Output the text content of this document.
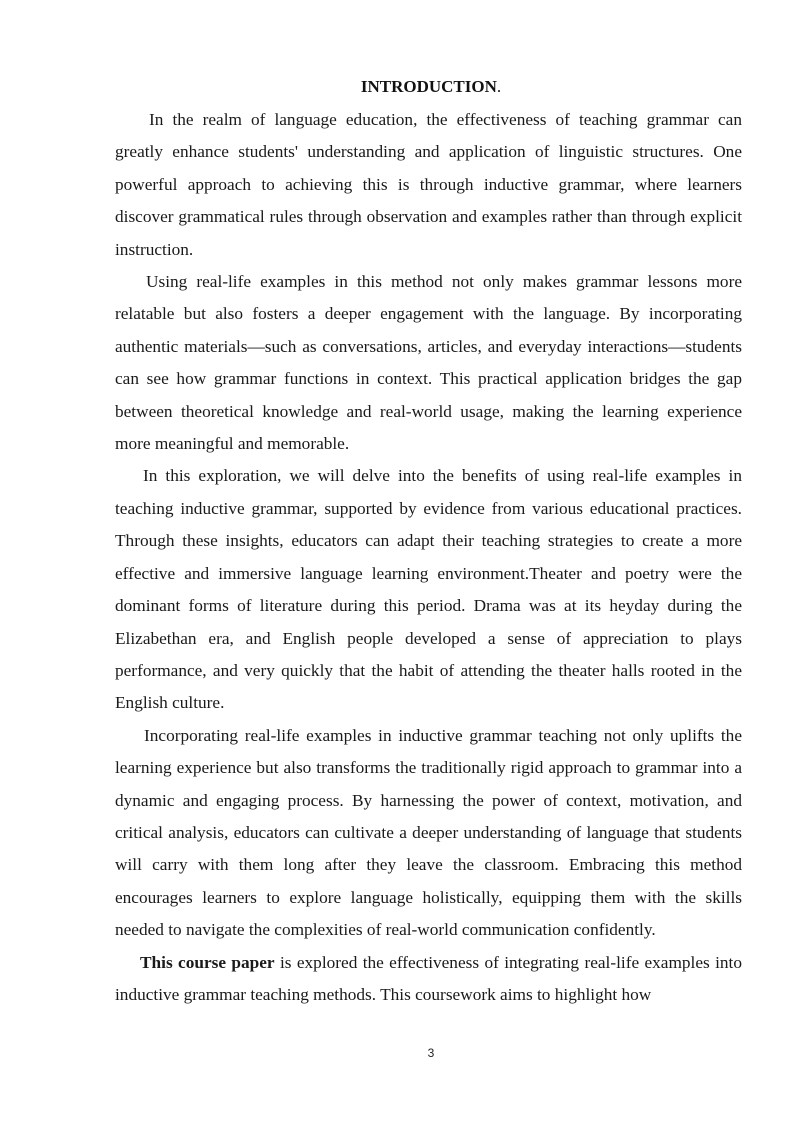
INTRODUCTION.

In the realm of language education, the effectiveness of teaching grammar can greatly enhance students' understanding and application of linguistic structures. One powerful approach to achieving this is through inductive grammar, where learners discover grammatical rules through observation and examples rather than through explicit instruction.

Using real-life examples in this method not only makes grammar lessons more relatable but also fosters a deeper engagement with the language. By incorporating authentic materials—such as conversations, articles, and everyday interactions—students can see how grammar functions in context. This practical application bridges the gap between theoretical knowledge and real-world usage, making the learning experience more meaningful and memorable.

In this exploration, we will delve into the benefits of using real-life examples in teaching inductive grammar, supported by evidence from various educational practices. Through these insights, educators can adapt their teaching strategies to create a more effective and immersive language learning environment.Theater and poetry were the dominant forms of literature during this period. Drama was at its heyday during the Elizabethan era, and English people developed a sense of appreciation to plays performance, and very quickly that the habit of attending the theater halls rooted in the English culture.

Incorporating real-life examples in inductive grammar teaching not only uplifts the learning experience but also transforms the traditionally rigid approach to grammar into a dynamic and engaging process. By harnessing the power of context, motivation, and critical analysis, educators can cultivate a deeper understanding of language that students will carry with them long after they leave the classroom. Embracing this method encourages learners to explore language holistically, equipping them with the skills needed to navigate the complexities of real-world communication confidently.

This course paper is explored the effectiveness of integrating real-life examples into inductive grammar teaching methods. This coursework aims to highlight how

3
